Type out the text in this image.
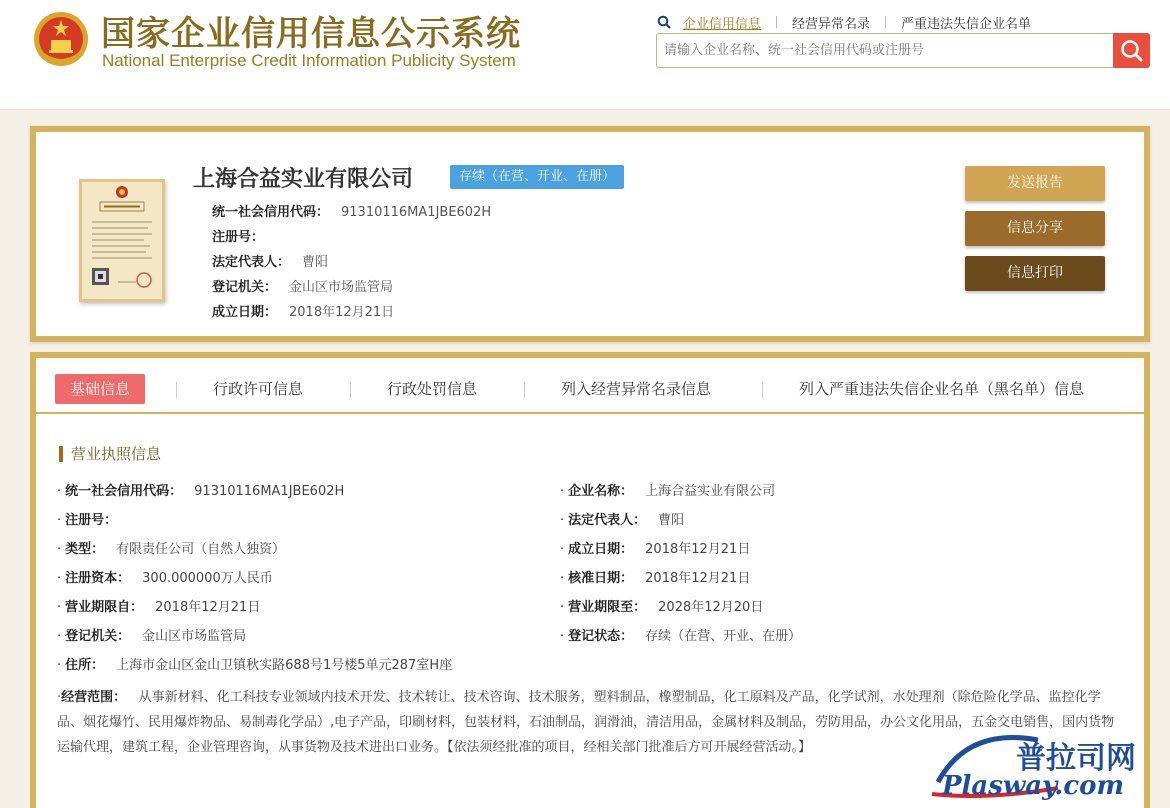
国家企业信用信息公示系统
National Enterprise Credit Information Publicity System
企业信用信息 经营异常名录 严重违法失信企业名单
请输入企业名称、统一社会信用代码或注册号
上海合益实业有限公司	存续（在营、开业、在册）
统一社会信用代码： 91310116MA1JBE602H
注册号：
法定代表人： 曹阳
登记机关： 金山区市场监管局
成立日期： 2018年12月21日
发送报告
信息分享
信息打印
基础信息	行政许可信息	行政处罚信息	列入经营异常名录信息	列入严重违法失信企业名单（黑名单）信息
营业执照信息
· 统一社会信用代码： 91310116MA1JBE602H
· 注册号：
· 类型： 有限责任公司（自然人独资）
· 注册资本： 300.000000万人民币
· 营业期限自： 2018年12月21日
· 登记机关： 金山区市场监管局
· 住所： 上海市金山区金山卫镇秋实路688号1号楼5单元287室H座
· 企业名称： 上海合益实业有限公司
· 法定代表人： 曹阳
· 成立日期： 2018年12月21日
· 核准日期： 2018年12月21日
· 营业期限至： 2028年12月20日
· 登记状态： 存续（在营、开业、在册）
·经营范围： 从事新材料、化工科技专业领域内技术开发、技术转让、技术咨询、技术服务，塑料制品，橡塑制品，化工原料及产品，化学试剂，水处理剂（除危险化学品、监控化学品、烟花爆竹、民用爆炸物品、易制毒化学品）,电子产品，印刷材料，包装材料，石油制品，润滑油，清洁用品，金属材料及制品，劳防用品，办公文化用品，五金交电销售，国内货物运输代理，建筑工程，企业管理咨询，从事货物及技术进出口业务。【依法须经批准的项目，经相关部门批准后方可开展经营活动。】	普拉司网
Plasway.com
